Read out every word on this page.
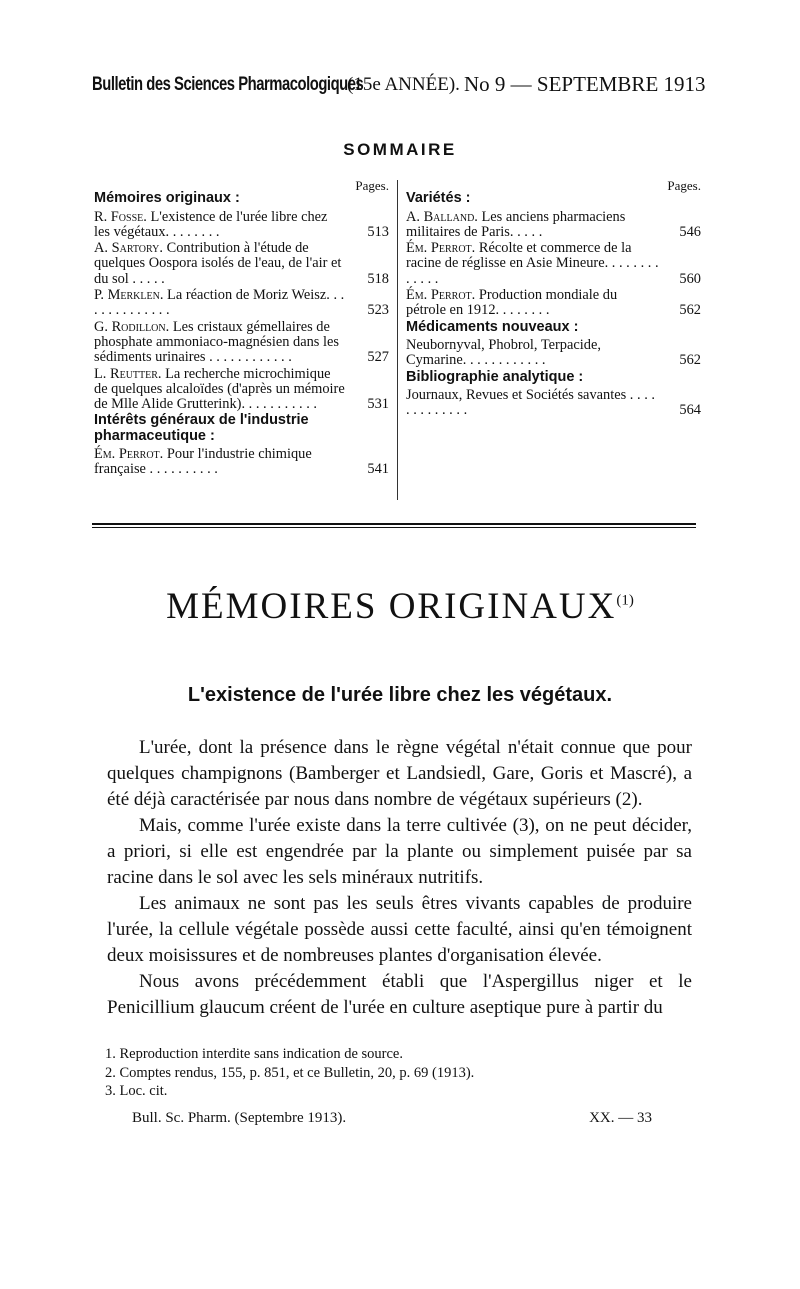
Bulletin des Sciences Pharmacologiques
(15e ANNÉE). No 9 — SEPTEMBRE 1913
SOMMAIRE
Pages.
Mémoires originaux :
R. Fosse. L'existence de l'urée libre chez les végétaux. . . . . . . .	513
A. Sartory. Contribution à l'étude de quelques Oospora isolés de l'eau, de l'air et du sol . . . . .	518
P. Merklen. La réaction de Moriz Weisz. . . . . . . . . . . . . .	523
G. Rodillon. Les cristaux gémellaires de phosphate ammoniaco-magnésien dans les sédiments urinaires . . . . . . . . . . . .	527
L. Reutter. La recherche microchimique de quelques alcaloïdes (d'après un mémoire de Mlle Alide Grutterink). . . . . . . . . . .	531
Intérêts généraux de l'industrie pharmaceutique :
Ém. Perrot. Pour l'industrie chimique française . . . . . . . . . .	541
Pages.
Variétés :
A. Balland. Les anciens pharmaciens militaires de Paris. . . . .	546
Ém. Perrot. Récolte et commerce de la racine de réglisse en Asie Mineure. . . . . . . . . . . . .	560
Ém. Perrot. Production mondiale du pétrole en 1912. . . . . . . .	562
Médicaments nouveaux :
Neubornyval, Phobrol, Terpacide, Cymarine. . . . . . . . . . . .	562
Bibliographie analytique :
Journaux, Revues et Sociétés savantes . . . . . . . . . . . . .	564
MÉMOIRES ORIGINAUX$^{(1)}$
L'existence de l'urée libre chez les végétaux.

L'urée, dont la présence dans le règne végétal n'était connue que pour quelques champignons (Bamberger et Landsiedl, Gare, Goris et Mascré), a été déjà caractérisée par nous dans nombre de végétaux supérieurs (2).

Mais, comme l'urée existe dans la terre cultivée (3), on ne peut décider, a priori, si elle est engendrée par la plante ou simplement puisée par sa racine dans le sol avec les sels minéraux nutritifs.

Les animaux ne sont pas les seuls êtres vivants capables de produire l'urée, la cellule végétale possède aussi cette faculté, ainsi qu'en témoignent deux moisissures et de nombreuses plantes d'organisation élevée.

Nous avons précédemment établi que l'Aspergillus niger et le Penicillium glaucum créent de l'urée en culture aseptique pure à partir du

1. Reproduction interdite sans indication de source.
2. Comptes rendus, 155, p. 851, et ce Bulletin, 20, p. 69 (1913).
3. Loc. cit.
Bull. Sc. Pharm. (Septembre 1913).	XX. — 33
